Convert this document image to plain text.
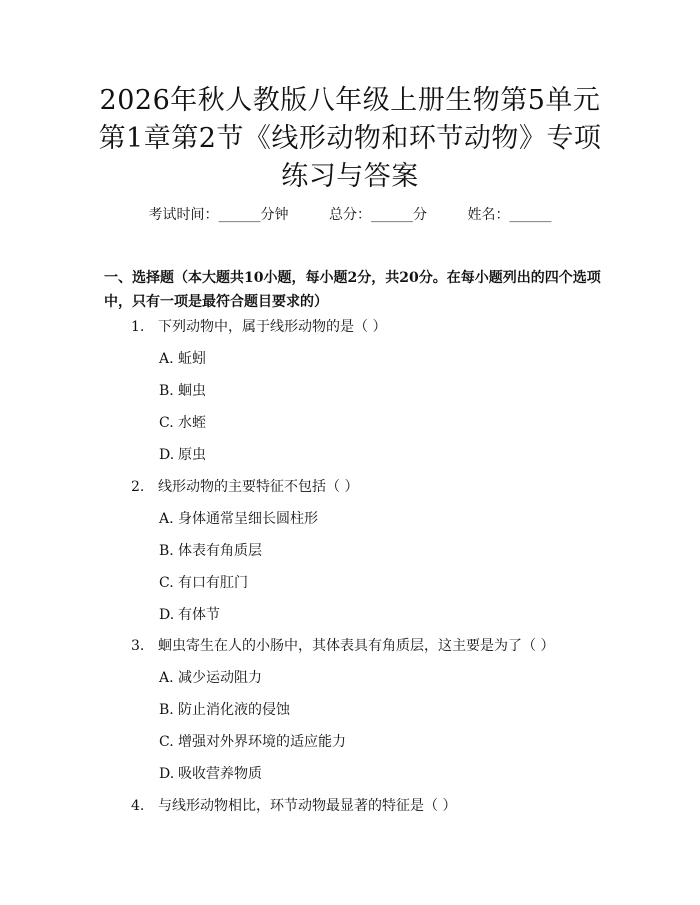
2026年秋人教版八年级上册生物第5单元第1章第2节《线形动物和环节动物》专项练习与答案
考试时间：______分钟	总分：______分	姓名：______

一、选择题（本大题共10小题，每小题2分，共20分。在每小题列出的四个选项中，只有一项是最符合题目要求的）

1. 下列动物中，属于线形动物的是（ ）
A. 蚯蚓
B. 蛔虫
C. 水蛭
D. 原虫
2. 线形动物的主要特征不包括（ ）
A. 身体通常呈细长圆柱形
B. 体表有角质层
C. 有口有肛门
D. 有体节
3. 蛔虫寄生在人的小肠中，其体表具有角质层，这主要是为了（ ）
A. 减少运动阻力
B. 防止消化液的侵蚀
C. 增强对外界环境的适应能力
D. 吸收营养物质
4. 与线形动物相比，环节动物最显著的特征是（ ）
